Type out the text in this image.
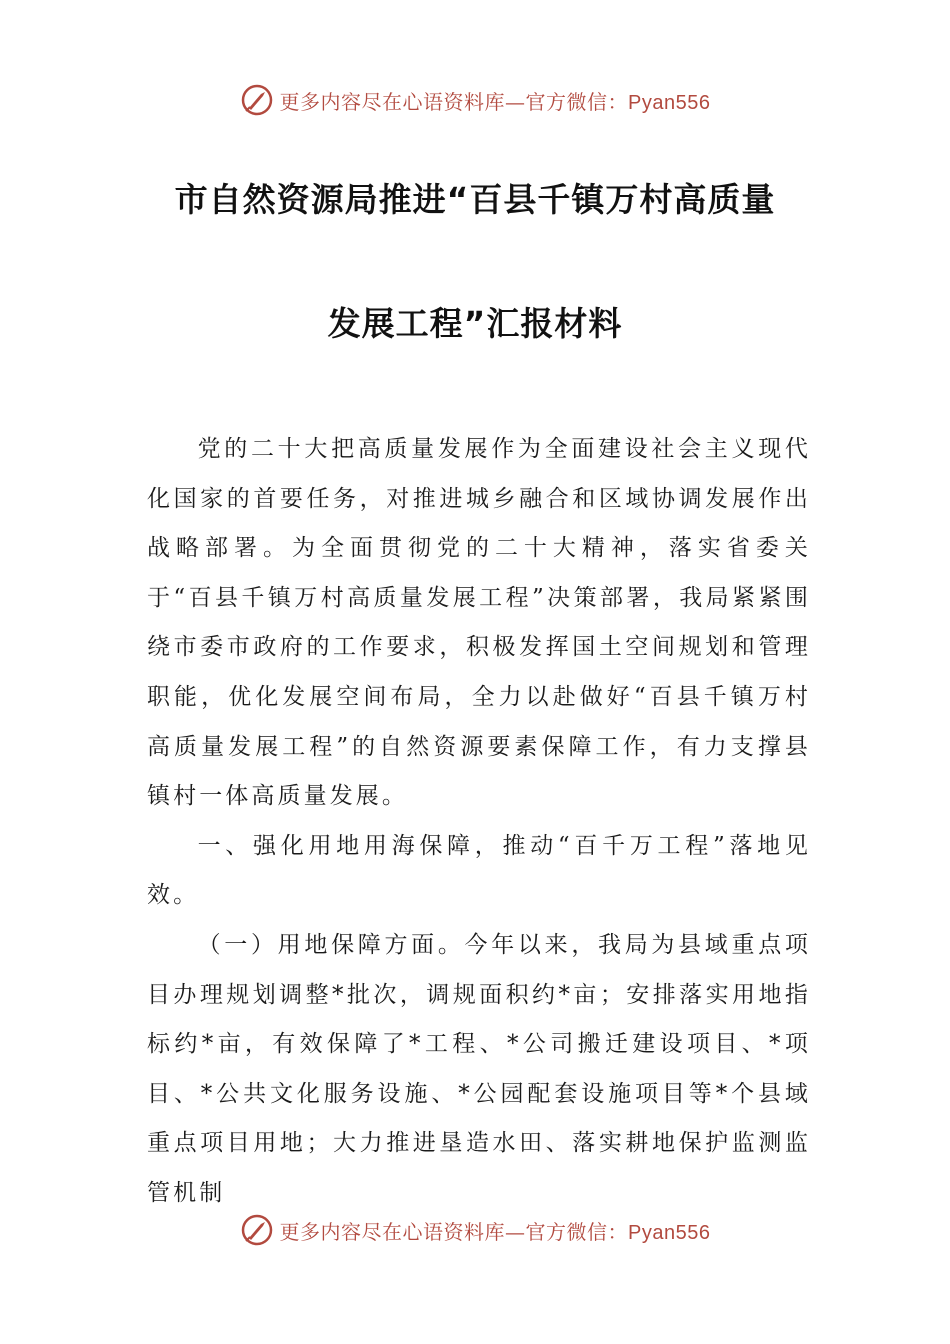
更多内容尽在心语资料库—官方微信：Pyan556
市自然资源局推进“百县千镇万村高质量
发展工程”汇报材料

党的二十大把高质量发展作为全面建设社会主义现代化国家的首要任务，对推进城乡融合和区域协调发展作出战略部署。为全面贯彻党的二十大精神，落实省委关于“百县千镇万村高质量发展工程”决策部署，我局紧紧围绕市委市政府的工作要求，积极发挥国土空间规划和管理职能，优化发展空间布局，全力以赴做好“百县千镇万村高质量发展工程”的自然资源要素保障工作，有力支撑县镇村一体高质量发展。

一、强化用地用海保障，推动“百千万工程”落地见效。

（一）用地保障方面。今年以来，我局为县域重点项目办理规划调整*批次，调规面积约*亩；安排落实用地指标约*亩，有效保障了*工程、*公司搬迁建设项目、*项目、*公共文化服务设施、*公园配套设施项目等*个县域重点项目用地；大力推进垦造水田、落实耕地保护监测监管机制

更多内容尽在心语资料库—官方微信：Pyan556
